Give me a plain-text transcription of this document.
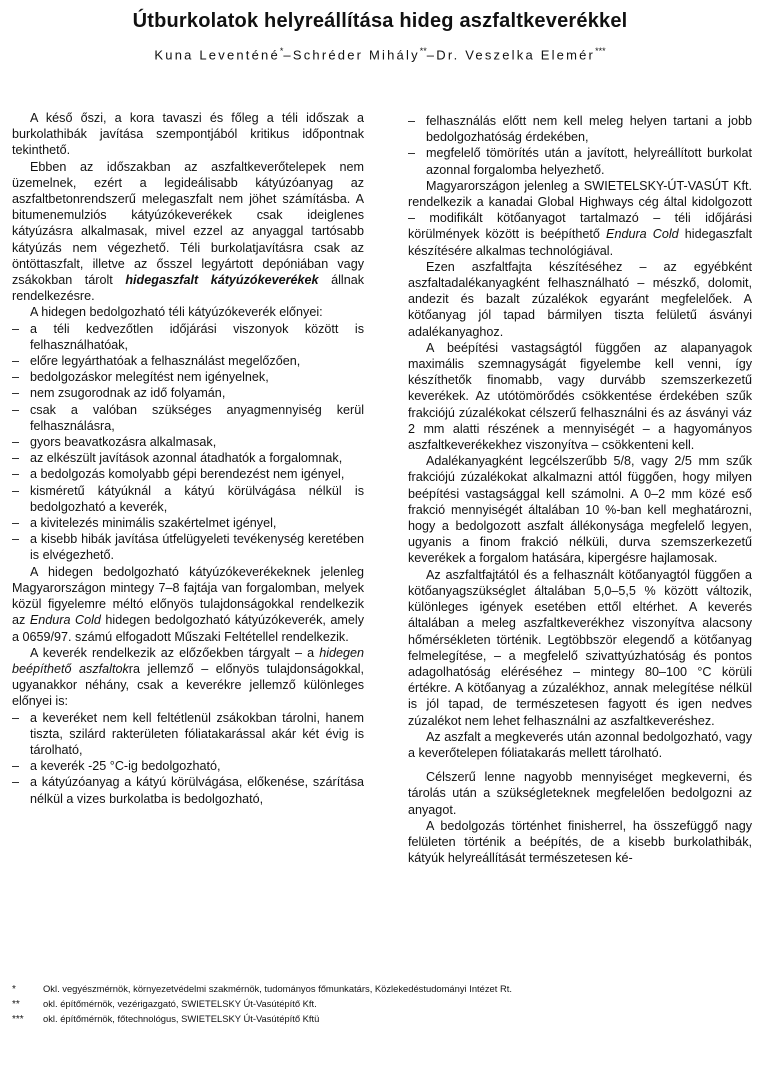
Útburkolatok helyreállítása hideg aszfaltkeverékkel
Kuna Leventéné*–Schréder Mihály**–Dr. Veszelka Elemér***

A késő őszi, a kora tavaszi és főleg a téli időszak a burkolathibák javítása szempontjából kritikus időpontnak tekinthető.

Ebben az időszakban az aszfaltkeverőtelepek nem üzemelnek, ezért a legideálisabb kátyúzóanyag az aszfaltbetonrendszerű melegaszfalt nem jöhet számításba. A bitumenemulziós kátyúzókeverékek csak ideiglenes kátyúzásra alkalmasak, mivel ezzel az anyaggal tartósabb kátyúzás nem végezhető. Téli burkolatjavításra csak az öntöttaszfalt, illetve az ősszel legyártott depóniában vagy zsákokban tárolt hidegaszfalt kátyúzókeverékek állnak rendelkezésre.

A hidegen bedolgozható téli kátyúzókeverék előnyei:

– a téli kedvezőtlen időjárási viszonyok között is felhasználhatóak,

– előre legyárthatóak a felhasználást megelőzően,

– bedolgozáskor melegítést nem igényelnek,

– nem zsugorodnak az idő folyamán,

– csak a valóban szükséges anyagmennyiség kerül felhasználásra,

– gyors beavatkozásra alkalmasak,

– az elkészült javítások azonnal átadhatók a forgalomnak,

– a bedolgozás komolyabb gépi berendezést nem igényel,

– kisméretű kátyúknál a kátyú körülvágása nélkül is bedolgozható a keverék,

– a kivitelezés minimális szakértelmet igényel,

– a kisebb hibák javítása útfelügyeleti tevékenység keretében is elvégezhető.

A hidegen bedolgozható kátyúzókeverékeknek jelenleg Magyarországon mintegy 7–8 fajtája van forgalomban, melyek közül figyelemre méltó előnyös tulajdonságokkal rendelkezik az Endura Cold hidegen bedolgozható kátyúzókeverék, amely a 0659/97. számú elfogadott Műszaki Feltétellel rendelkezik.

A keverék rendelkezik az előzőekben tárgyalt – a hidegen beépíthető aszfaltokra jellemző – előnyös tulajdonságokkal, ugyanakkor néhány, csak a keverékre jellemző különleges előnyei is:

– a keveréket nem kell feltétlenül zsákokban tárolni, hanem tiszta, szilárd rakterületen fóliatakarással akár két évig is tárolható,

– a keverék -25 °C-ig bedolgozható,

– a kátyúzóanyag a kátyú körülvágása, előkenése, szárítása nélkül a vizes burkolatba is bedolgozható,

– felhasználás előtt nem kell meleg helyen tartani a jobb bedolgozhatóság érdekében,

– megfelelő tömörítés után a javított, helyreállított burkolat azonnal forgalomba helyezhető.

Magyarországon jelenleg a SWIETELSKY-ÚT-VASÚT Kft. rendelkezik a kanadai Global Highways cég által kidolgozott – modifikált kötőanyagot tartalmazó – téli időjárási körülmények között is beépíthető Endura Cold hidegaszfalt készítésére alkalmas technológiával.

Ezen aszfaltfajta készítéséhez – az egyébként aszfaltadalékanyagként felhasználható – mészkő, dolomit, andezit és bazalt zúzalékok egyaránt megfelelőek. A kötőanyag jól tapad bármilyen tiszta felületű ásványi adalékanyaghoz.

A beépítési vastagságtól függően az alapanyagok maximális szemnagyságát figyelembe kell venni, így készíthetők finomabb, vagy durvább szemszerkezetű keverékek. Az utótömörődés csökkentése érdekében szűk frakciójú zúzalékokat célszerű felhasználni és az ásványi váz 2 mm alatti részének a mennyiségét – a hagyományos aszfaltkeverékekhez viszonyítva – csökkenteni kell.

Adalékanyagként legcélszerűbb 5/8, vagy 2/5 mm szűk frakciójú zúzalékokat alkalmazni attól függően, hogy milyen beépítési vastagsággal kell számolni. A 0–2 mm közé eső frakció mennyiségét általában 10 %-ban kell meghatározni, hogy a bedolgozott aszfalt állékonysága megfelelő legyen, ugyanis a finom frakció nélküli, durva szemszerkezetű keverékek a forgalom hatására, kipergésre hajlamosak.

Az aszfaltfajtától és a felhasznált kötőanyagtól függően a kötőanyagszükséglet általában 5,0–5,5 % között változik, különleges igények esetében ettől eltérhet. A keverés általában a meleg aszfaltkeverékhez viszonyítva alacsony hőmérsékleten történik. Legtöbbször elegendő a kötőanyag felmelegítése, – a megfelelő szivattyúzhatóság és pontos adagolhatóság eléréséhez – mintegy 80–100 °C körüli értékre. A kötőanyag a zúzalékhoz, annak melegítése nélkül is jól tapad, de természetesen fagyott és igen nedves zúzalékot nem lehet felhasználni az aszfaltkeveréshez.

Az aszfalt a megkeverés után azonnal bedolgozható, vagy a keverőtelepen fóliatakarás mellett tárolható.

Célszerű lenne nagyobb mennyiséget megkeverni, és tárolás után a szükségleteknek megfelelően bedolgozni az anyagot.

A bedolgozás történhet finisherrel, ha összefüggő nagy felületen történik a beépítés, de a kisebb burkolathibák, kátyúk helyreállítását természetesen ké-

*	Okl. vegyészmérnök, környezetvédelmi szakmérnök, tudományos főmunkatárs, Közlekedéstudományi Intézet Rt.
** okl. építőmérnök, vezérigazgató, SWIETELSKY Út-Vasútépítő Kft.
*** okl. építőmérnök, főtechnológus, SWIETELSKY Út-Vasútépítő Kftü
